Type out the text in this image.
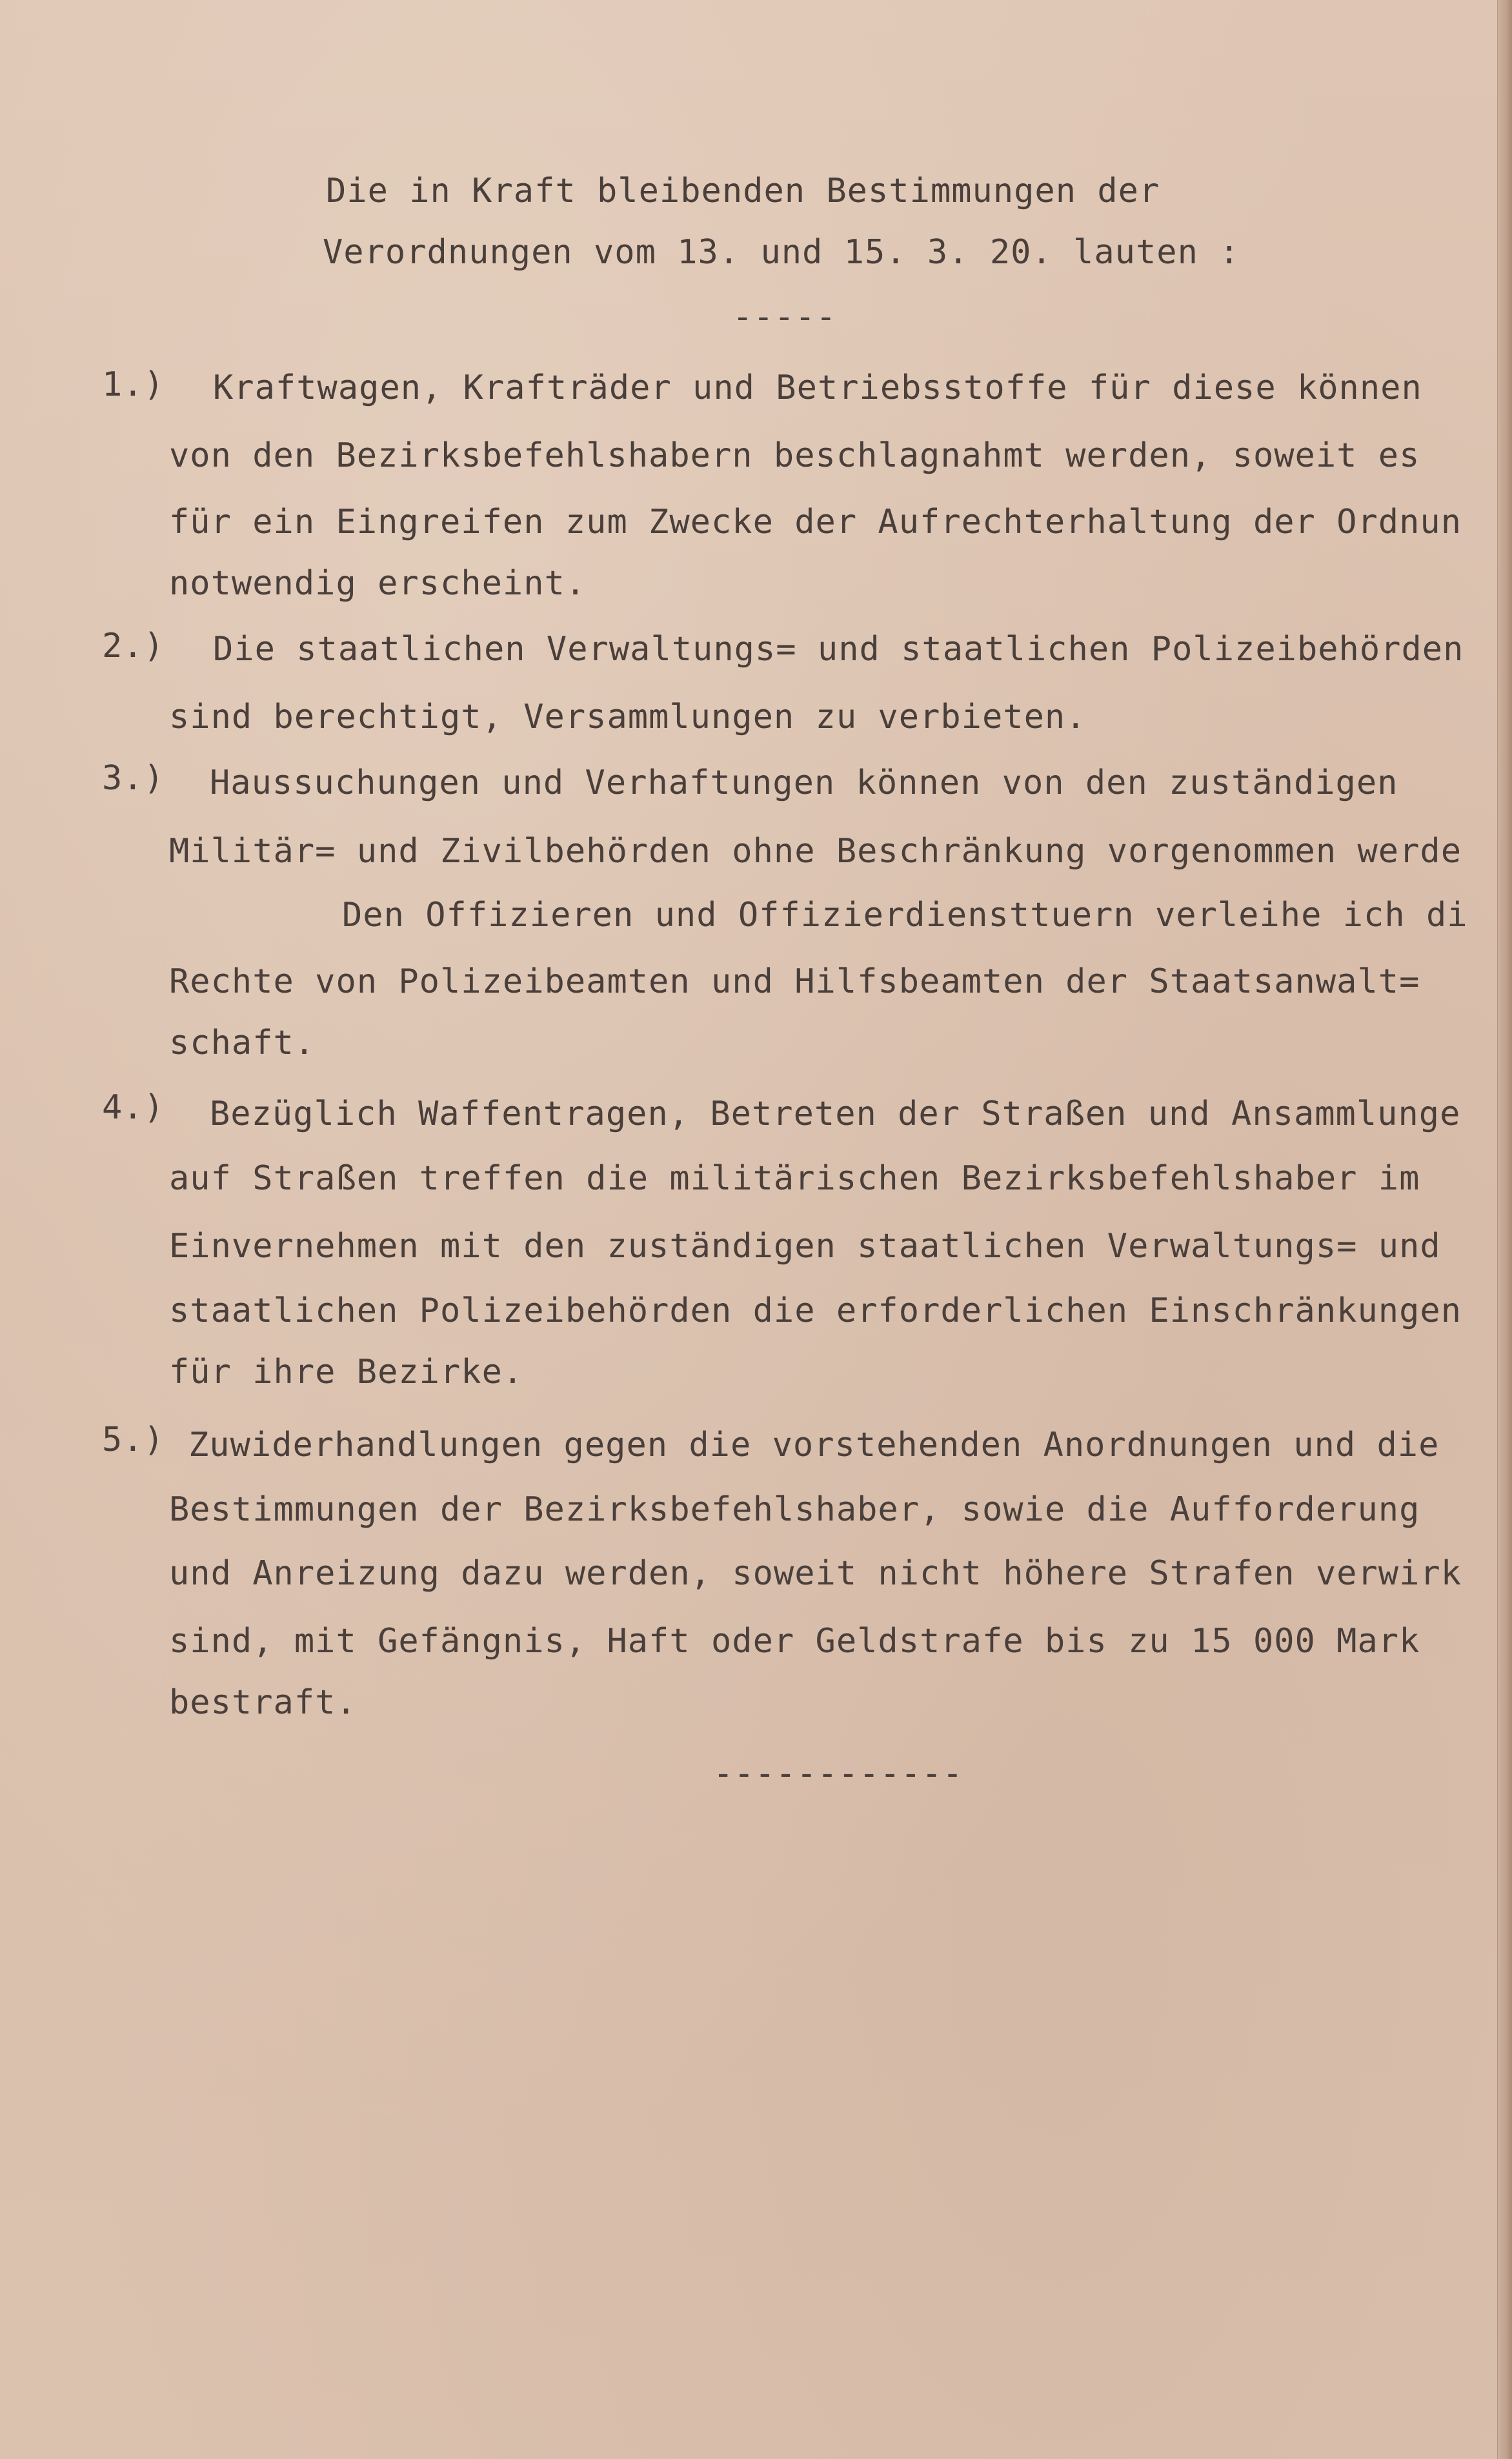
Die in Kraft bleibenden Bestimmungen der
Verordnungen vom 13. und 15. 3. 20. lauten :
-----
1.) Kraftwagen, Krafträder und Betriebsstoffe für diese können
von den Bezirksbefehlshabern beschlagnahmt werden, soweit es
für ein Eingreifen zum Zwecke der Aufrechterhaltung der Ordnun
notwendig erscheint.
2.) Die staatlichen Verwaltungs= und staatlichen Polizeibehörden
sind berechtigt, Versammlungen zu verbieten.
3.) Haussuchungen und Verhaftungen können von den zuständigen
Militär= und Zivilbehörden ohne Beschränkung vorgenommen werde
Den Offizieren und Offizierdiensttuern verleihe ich di
Rechte von Polizeibeamten und Hilfsbeamten der Staatsanwalt=
schaft.
4.) Bezüglich Waffentragen, Betreten der Straßen und Ansammlunge
auf Straßen treffen die militärischen Bezirksbefehlshaber im
Einvernehmen mit den zuständigen staatlichen Verwaltungs= und
staatlichen Polizeibehörden die erforderlichen Einschränkungen
für ihre Bezirke.
5.) Zuwiderhandlungen gegen die vorstehenden Anordnungen und die
Bestimmungen der Bezirksbefehlshaber, sowie die Aufforderung
und Anreizung dazu werden, soweit nicht höhere Strafen verwirk
sind, mit Gefängnis, Haft oder Geldstrafe bis zu 15 000 Mark
bestraft.
------------
